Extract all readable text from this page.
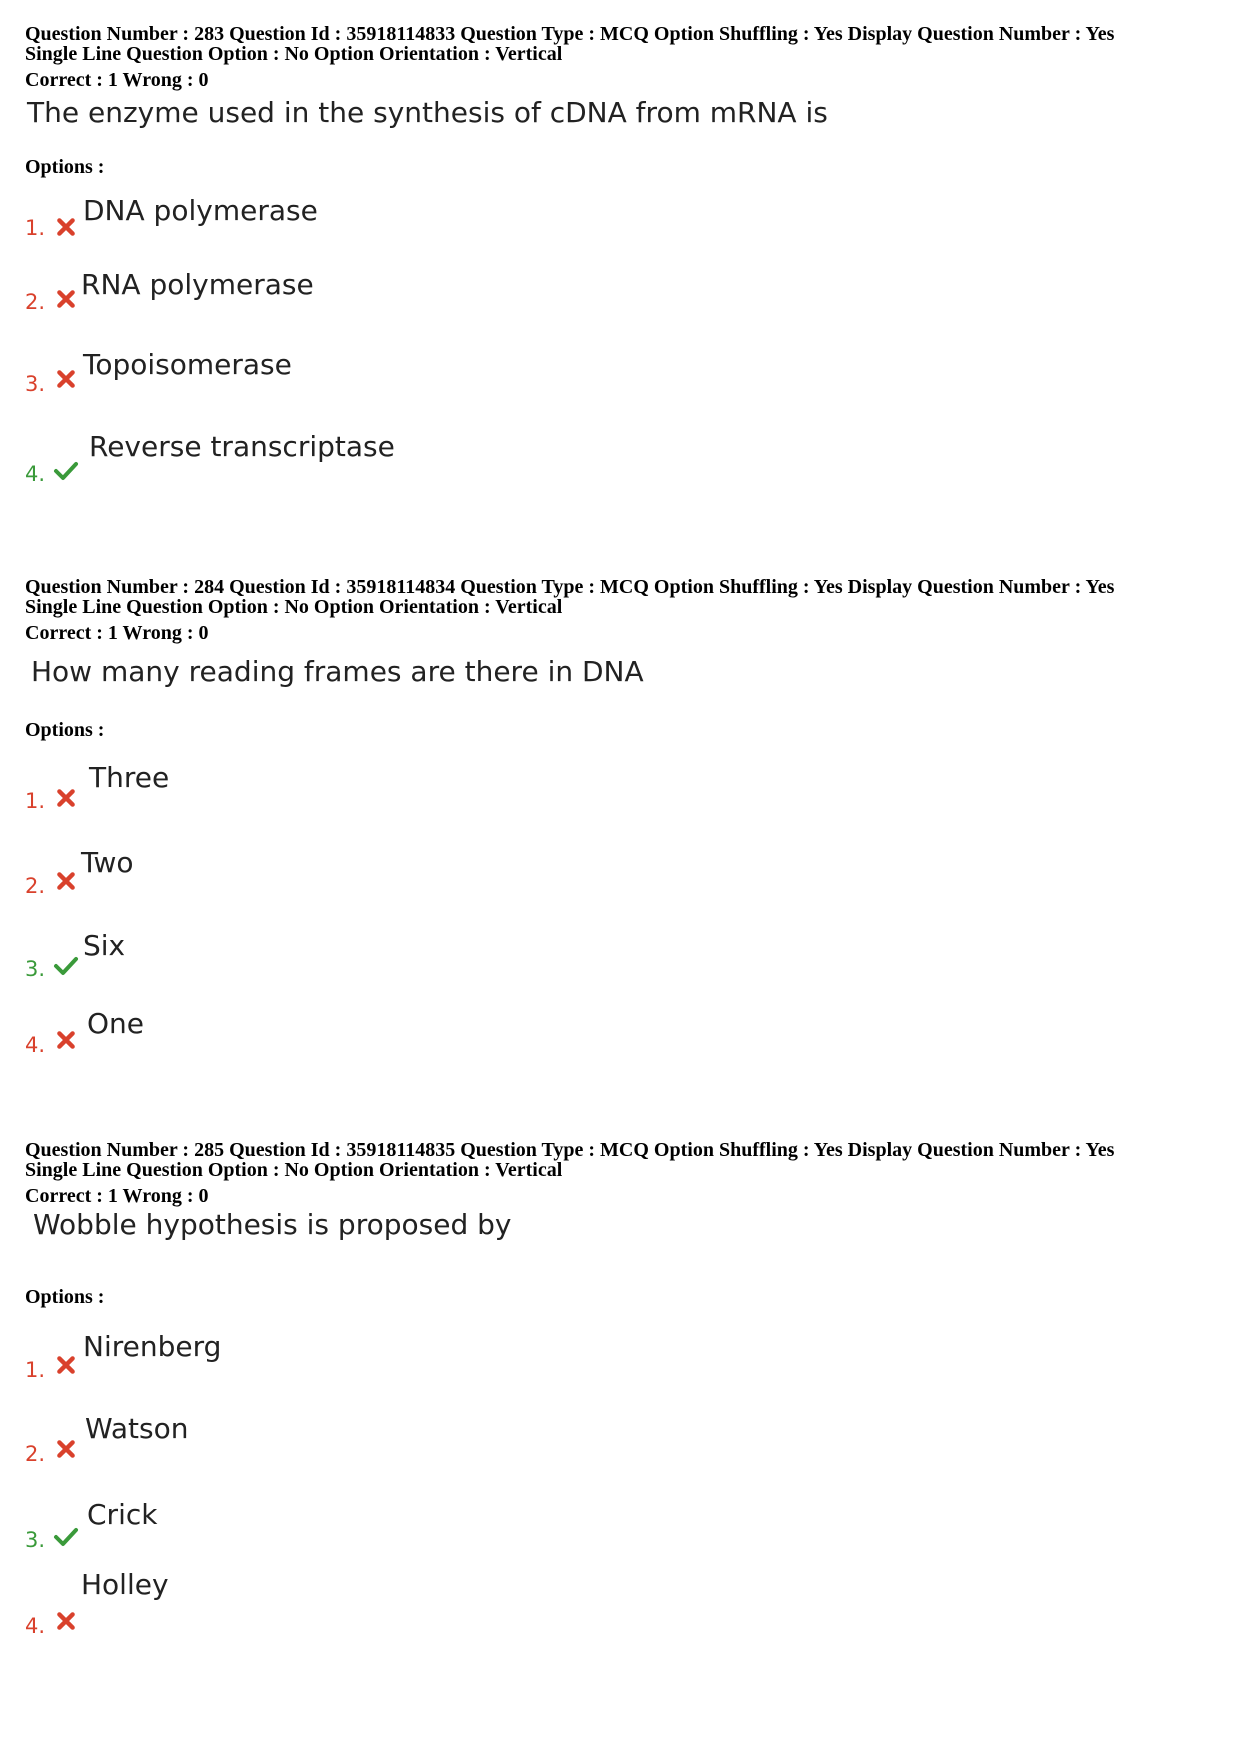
Question Number : 283 Question Id : 35918114833 Question Type : MCQ Option Shuffling : Yes Display Question Number : Yes
Single Line Question Option : No Option Orientation : Vertical
Correct : 1 Wrong : 0
The enzyme used in the synthesis of cDNA from mRNA is
Options :
1.
DNA polymerase
2.
RNA polymerase
3.
Topoisomerase
4.
Reverse transcriptase
Question Number : 284 Question Id : 35918114834 Question Type : MCQ Option Shuffling : Yes Display Question Number : Yes
Single Line Question Option : No Option Orientation : Vertical
Correct : 1 Wrong : 0
How many reading frames are there in DNA
Options :
1.
Three
2.
Two
3.
Six
4.
One
Question Number : 285 Question Id : 35918114835 Question Type : MCQ Option Shuffling : Yes Display Question Number : Yes
Single Line Question Option : No Option Orientation : Vertical
Correct : 1 Wrong : 0
Wobble hypothesis is proposed by
Options :
1.
Nirenberg
2.
Watson
3.
Crick
4.
Holley
